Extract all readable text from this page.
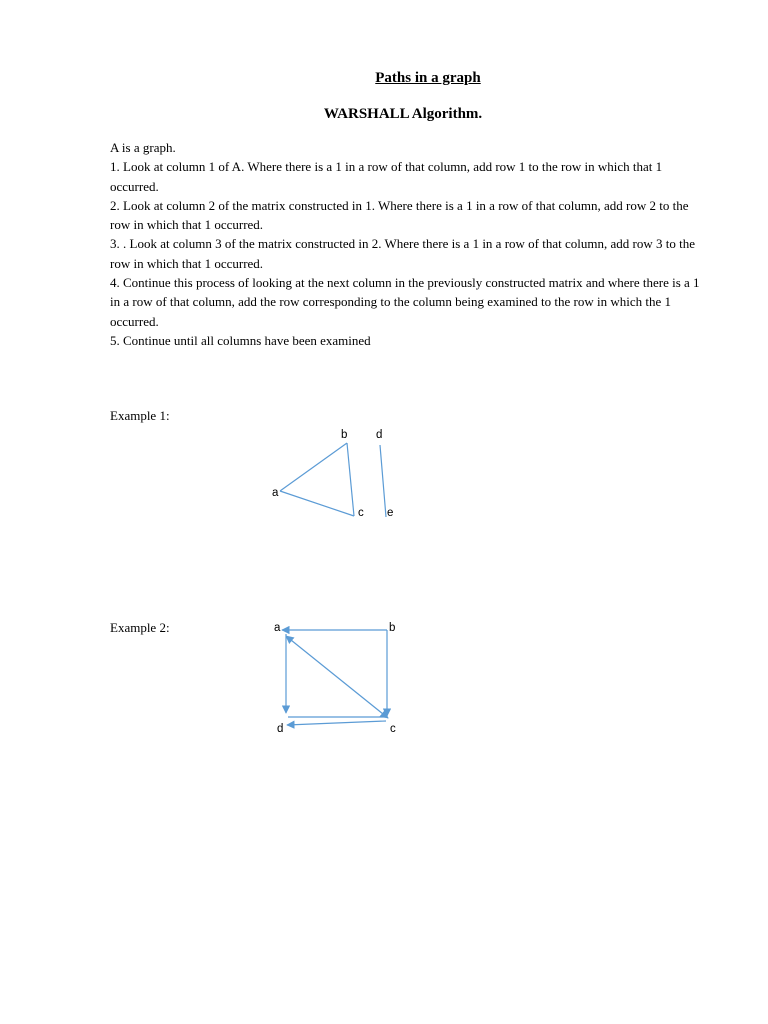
Paths in a graph
WARSHALL Algorithm.

A is a graph.

1. Look at column 1 of A. Where there is a 1 in a row of that column, add row 1 to the row in which that 1 occurred.

2. Look at column 2 of the matrix constructed in 1. Where there is a 1 in a row of that column, add row 2 to the row in which that 1 occurred.

3. . Look at column 3 of the matrix constructed in 2. Where there is a 1 in a row of that column, add row 3 to the row in which that 1 occurred.

4. Continue this process of looking at the next column in the previously constructed matrix and where there is a 1 in a row of that column, add the row corresponding to the column being examined to the row in which the 1 occurred.

5. Continue until all columns have been examined

Example 1:
a
b
c
d
e
Example 2:	a	b
c
d
